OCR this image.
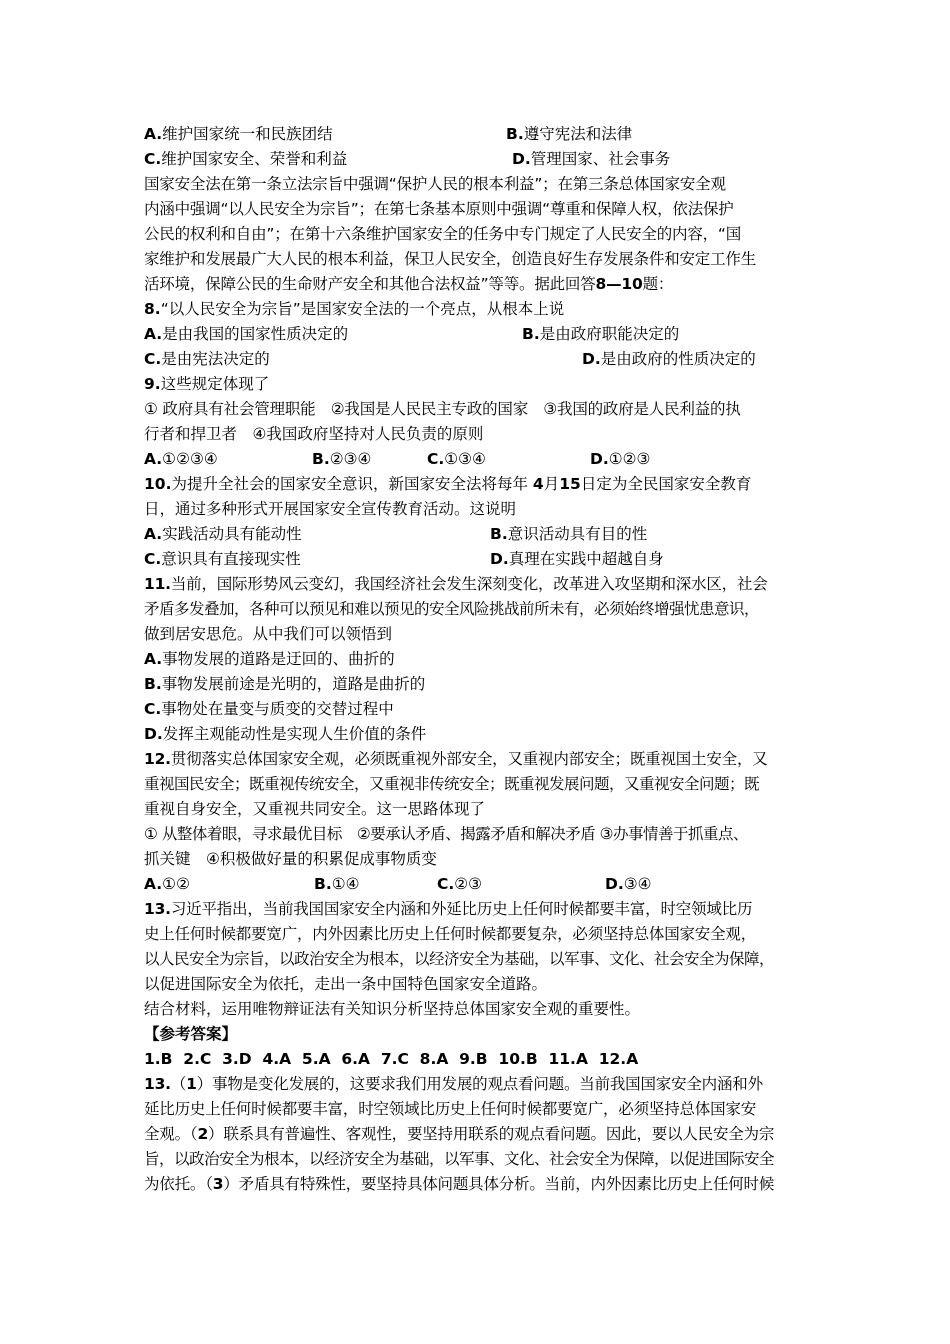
A.维护国家统一和民族团结	B.遵守宪法和法律
C.维护国家安全、荣誉和利益	D.管理国家、社会事务
国家安全法在第一条立法宗旨中强调“保护人民的根本利益”；在第三条总体国家安全观
内涵中强调“以人民安全为宗旨”；在第七条基本原则中强调“尊重和保障人权，依法保护
公民的权利和自由”；在第十六条维护国家安全的任务中专门规定了人民安全的内容，“国
家维护和发展最广大人民的根本利益，保卫人民安全，创造良好生存发展条件和安定工作生
活环境，保障公民的生命财产安全和其他合法权益”等等。据此回答8—10题：
8.“以人民安全为宗旨”是国家安全法的一个亮点，从根本上说
A.是由我国的国家性质决定的	B.是由政府职能决定的
C.是由宪法决定的	D.是由政府的性质决定的
9.这些规定体现了
① 政府具有社会管理职能　②我国是人民民主专政的国家　③我国的政府是人民利益的执
行者和捍卫者　④我国政府坚持对人民负责的原则
A.①②③④	B.②③④	C.①③④	D.①②③
10.为提升全社会的国家安全意识，新国家安全法将每年 4月15日定为全民国家安全教育
日，通过多种形式开展国家安全宣传教育活动。这说明
A.实践活动具有能动性	B.意识活动具有目的性
C.意识具有直接现实性	D.真理在实践中超越自身
11.当前，国际形势风云变幻，我国经济社会发生深刻变化，改革进入攻坚期和深水区，社会
矛盾多发叠加，各种可以预见和难以预见的安全风险挑战前所未有，必须始终增强忧患意识，
做到居安思危。从中我们可以领悟到
A.事物发展的道路是迂回的、曲折的
B.事物发展前途是光明的，道路是曲折的
C.事物处在量变与质变的交替过程中
D.发挥主观能动性是实现人生价值的条件
12.贯彻落实总体国家安全观，必须既重视外部安全，又重视内部安全；既重视国土安全，又
重视国民安全；既重视传统安全，又重视非传统安全；既重视发展问题，又重视安全问题；既
重视自身安全，又重视共同安全。这一思路体现了
① 从整体着眼，寻求最优目标　②要承认矛盾、揭露矛盾和解决矛盾 ③办事情善于抓重点、
抓关键　④积极做好量的积累促成事物质变
A.①②	B.①④	C.②③	D.③④
13.习近平指出，当前我国国家安全内涵和外延比历史上任何时候都要丰富，时空领域比历
史上任何时候都要宽广，内外因素比历史上任何时候都要复杂，必须坚持总体国家安全观，
以人民安全为宗旨，以政治安全为根本，以经济安全为基础，以军事、文化、社会安全为保障，
以促进国际安全为依托，走出一条中国特色国家安全道路。
结合材料，运用唯物辩证法有关知识分析坚持总体国家安全观的重要性。
【参考答案】
1.B  2.C  3.D  4.A  5.A  6.A  7.C  8.A  9.B  10.B  11.A  12.A
13.（1）事物是变化发展的，这要求我们用发展的观点看问题。当前我国国家安全内涵和外
延比历史上任何时候都要丰富，时空领域比历史上任何时候都要宽广，必须坚持总体国家安
全观。（2）联系具有普遍性、客观性，要坚持用联系的观点看问题。因此，要以人民安全为宗
旨，以政治安全为根本，以经济安全为基础，以军事、文化、社会安全为保障，以促进国际安全
为依托。（3）矛盾具有特殊性，要坚持具体问题具体分析。当前，内外因素比历史上任何时候
